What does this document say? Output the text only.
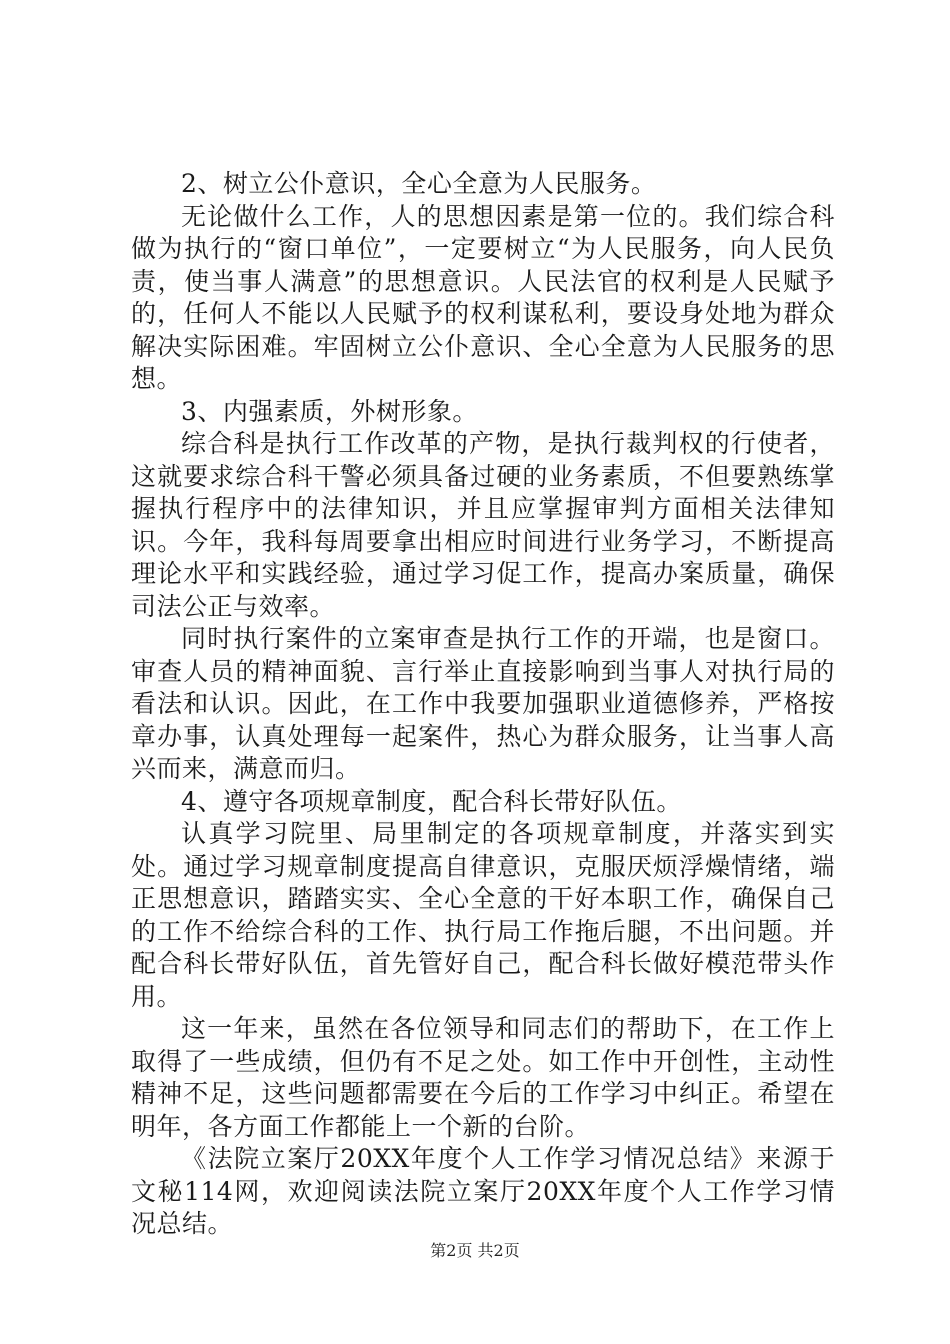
2、树立公仆意识，全心全意为人民服务。

无论做什么工作，人的思想因素是第一位的。我们综合科做为执行的“窗口单位”，一定要树立“为人民服务，向人民负责，使当事人满意”的思想意识。人民法官的权利是人民赋予的，任何人不能以人民赋予的权利谋私利，要设身处地为群众解决实际困难。牢固树立公仆意识、全心全意为人民服务的思想。

3、内强素质，外树形象。

综合科是执行工作改革的产物，是执行裁判权的行使者，这就要求综合科干警必须具备过硬的业务素质，不但要熟练掌握执行程序中的法律知识，并且应掌握审判方面相关法律知识。今年，我科每周要拿出相应时间进行业务学习，不断提高理论水平和实践经验，通过学习促工作，提高办案质量，确保司法公正与效率。

同时执行案件的立案审查是执行工作的开端，也是窗口。审查人员的精神面貌、言行举止直接影响到当事人对执行局的看法和认识。因此，在工作中我要加强职业道德修养，严格按章办事，认真处理每一起案件，热心为群众服务，让当事人高兴而来，满意而归。

4、遵守各项规章制度，配合科长带好队伍。

认真学习院里、局里制定的各项规章制度，并落实到实处。通过学习规章制度提高自律意识，克服厌烦浮燥情绪，端正思想意识，踏踏实实、全心全意的干好本职工作，确保自己的工作不给综合科的工作、执行局工作拖后腿，不出问题。并配合科长带好队伍，首先管好自己，配合科长做好模范带头作用。

这一年来，虽然在各位领导和同志们的帮助下，在工作上取得了一些成绩，但仍有不足之处。如工作中开创性，主动性精神不足，这些问题都需要在今后的工作学习中纠正。希望在明年，各方面工作都能上一个新的台阶。

《法院立案厅20XX年度个人工作学习情况总结》来源于文秘114网，欢迎阅读法院立案厅20XX年度个人工作学习情况总结。

第2页 共2页
